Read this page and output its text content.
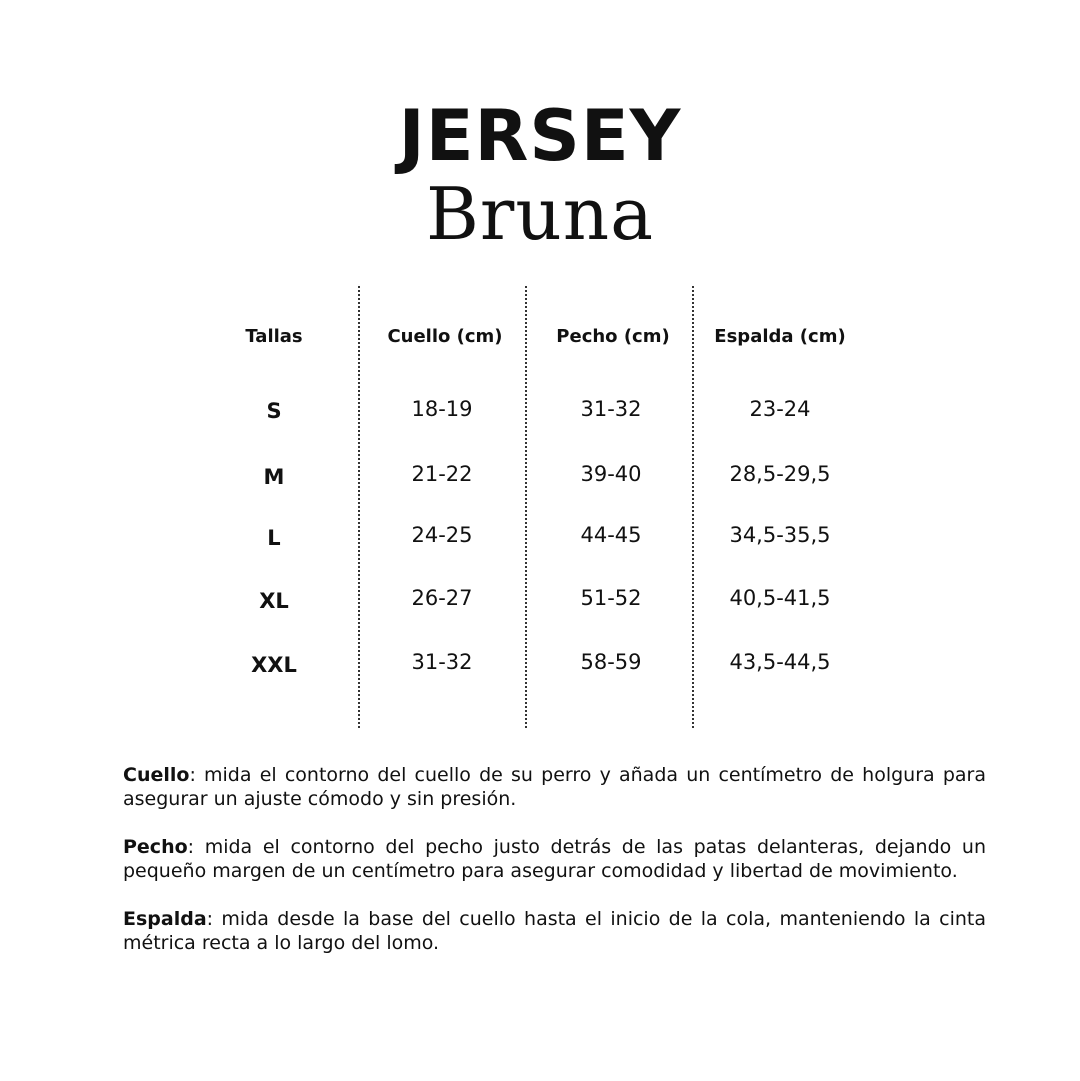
JERSEY
Bruna
Tallas	Cuello (cm)	Pecho (cm)	Espalda (cm)
S	18-19	31-32	23-24
M	21-22	39-40	28,5-29,5
L	24-25	44-45	34,5-35,5
XL	26-27	51-52	40,5-41,5
XXL	31-32	58-59	43,5-44,5

Cuello: mida el contorno del cuello de su perro y añada un centímetro de holgura para asegurar un ajuste cómodo y sin presión.

Pecho: mida el contorno del pecho justo detrás de las patas delanteras, dejando un pequeño margen de un centímetro para asegurar comodidad y libertad de movimiento.

Espalda: mida desde la base del cuello hasta el inicio de la cola, manteniendo la cinta métrica recta a lo largo del lomo.
